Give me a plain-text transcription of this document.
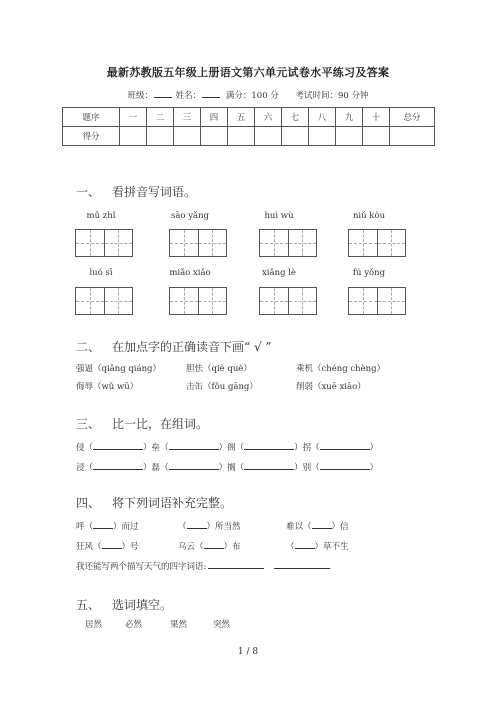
最新苏教版五年级上册语文第六单元试卷水平练习及答案
班级：	姓名：	满分：100 分 考试时间：90 分钟
题序	一	二	三	四	五	六	七	八	九	十	总分
得分											
一、 看拼音写词语。
mǔ zhǐ	sāo yǎng	huì wù	niǔ kòu
luó sī	miǎo xiǎo	xiǎng lè	fú yǒng
二、 在加点字的正确读音下画“ √ ”
强逼（qiǎng qiáng）	胆怯（qiè què）	乘机（chéng chèng）
侮辱（wǔ wū）	击缶（fǒu gāng）	削弱（xuē xiāo）
三、 比一比，在组词。
侵（	）垒（	）阁（	）拐（	）
浸（	）磊（	）搁（	）别（	）
四、 将下列词语补充完整。
呼（ ）而过	（ ）所当然	难以（ ）信
狂风（ ）号	乌云（ ）布	（ ）草不生
我还能写两个描写天气的四字词语:
五、 选词填空。
居然	必然	果然	突然
1 / 8
